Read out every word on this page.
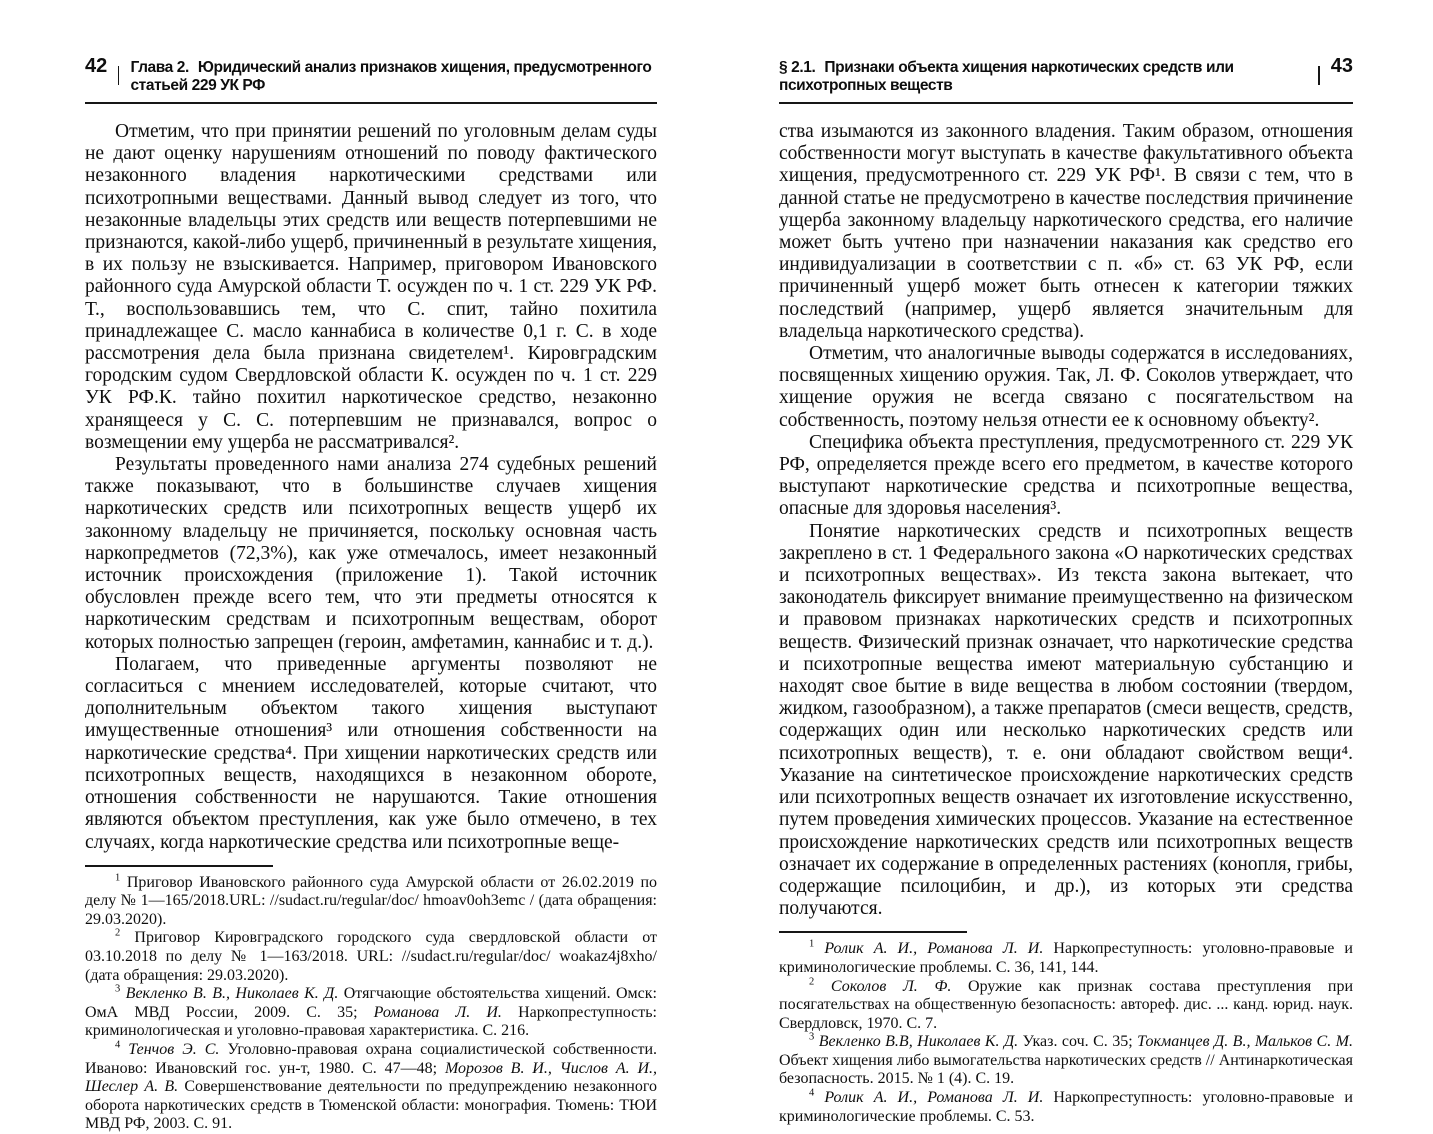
42 Глава 2. Юридический анализ признаков хищения, предусмотренного статьей 229 УК РФ

Отметим, что при принятии решений по уголовным делам суды не дают оценку нарушениям отношений по поводу фактического незаконного владения наркотическими средствами или психотропными веществами. Данный вывод следует из того, что незаконные владельцы этих средств или веществ потерпевшими не признаются, какой-либо ущерб, причиненный в результате хищения, в их пользу не взыскивается. Например, приговором Ивановского районного суда Амурской области Т. осужден по ч. 1 ст. 229 УК РФ. Т., воспользовавшись тем, что С. спит, тайно похитила принадлежащее С. масло каннабиса в количестве 0,1 г. С. в ходе рассмотрения дела была признана свидетелем¹. Кировградским городским судом Свердловской области К. осужден по ч. 1 ст. 229 УК РФ.К. тайно похитил наркотическое средство, незаконно хранящееся у С. С. потерпевшим не признавался, вопрос о возмещении ему ущерба не рассматривался².

Результаты проведенного нами анализа 274 судебных решений также показывают, что в большинстве случаев хищения наркотических средств или психотропных веществ ущерб их законному владельцу не причиняется, поскольку основная часть наркопредметов (72,3%), как уже отмечалось, имеет незаконный источник происхождения (приложение 1). Такой источник обусловлен прежде всего тем, что эти предметы относятся к наркотическим средствам и психотропным веществам, оборот которых полностью запрещен (героин, амфетамин, каннабис и т. д.).

Полагаем, что приведенные аргументы позволяют не согласиться с мнением исследователей, которые считают, что дополнительным объектом такого хищения выступают имущественные отношения³ или отношения собственности на наркотические средства⁴. При хищении наркотических средств или психотропных веществ, находящихся в незаконном обороте, отношения собственности не нарушаются. Такие отношения являются объектом преступления, как уже было отмечено, в тех случаях, когда наркотические средства или психотропные веще-

$^1$ Приговор Ивановского районного суда Амурской области от 26.02.2019 по делу № 1—165/2018.URL: //sudact.ru/regular/doc/ hmoav0oh3emc / (дата обращения: 29.03.2020).

$^2$ Приговор Кировградского городского суда свердловской области от 03.10.2018 по делу № 1—163/2018. URL: //sudact.ru/regular/doc/ woakaz4j8xho/ (дата обращения: 29.03.2020).

$^3$ Векленко В. В., Николаев К. Д. Отягчающие обстоятельства хищений. Омск: ОмА МВД России, 2009. С. 35; Романова Л. И. Наркопреступность: криминологическая и уголовно-правовая характеристика. С. 216.

$^4$ Тенчов Э. С. Уголовно-правовая охрана социалистической собственности. Иваново: Ивановский гос. ун-т, 1980. С. 47—48; Морозов В. И., Числов А. И., Шеслер А. В. Совершенствование деятельности по предупреждению незаконного оборота наркотических средств в Тюменской области: монография. Тюмень: ТЮИ МВД РФ, 2003. С. 91.

§ 2.1. Признаки объекта хищения наркотических средств или психотропных веществ
43

ства изымаются из законного владения. Таким образом, отношения собственности могут выступать в качестве факультативного объекта хищения, предусмотренного ст. 229 УК РФ¹. В связи с тем, что в данной статье не предусмотрено в качестве последствия причинение ущерба законному владельцу наркотического средства, его наличие может быть учтено при назначении наказания как средство его индивидуализации в соответствии с п. «б» ст. 63 УК РФ, если причиненный ущерб может быть отнесен к категории тяжких последствий (например, ущерб является значительным для владельца наркотического средства).

Отметим, что аналогичные выводы содержатся в исследованиях, посвященных хищению оружия. Так, Л. Ф. Соколов утверждает, что хищение оружия не всегда связано с посягательством на собственность, поэтому нельзя отнести ее к основному объекту².

Специфика объекта преступления, предусмотренного ст. 229 УК РФ, определяется прежде всего его предметом, в качестве которого выступают наркотические средства и психотропные вещества, опасные для здоровья населения³.

Понятие наркотических средств и психотропных веществ закреплено в ст. 1 Федерального закона «О наркотических средствах и психотропных веществах». Из текста закона вытекает, что законодатель фиксирует внимание преимущественно на физическом и правовом признаках наркотических средств и психотропных веществ. Физический признак означает, что наркотические средства и психотропные вещества имеют материальную субстанцию и находят свое бытие в виде вещества в любом состоянии (твердом, жидком, газообразном), а также препаратов (смеси веществ, средств, содержащих один или несколько наркотических средств или психотропных веществ), т. е. они обладают свойством вещи⁴. Указание на синтетическое происхождение наркотических средств или психотропных веществ означает их изготовление искусственно, путем проведения химических процессов. Указание на естественное происхождение наркотических средств или психотропных веществ означает их содержание в определенных растениях (конопля, грибы, содержащие псилоцибин, и др.), из которых эти средства получаются.

$^1$ Ролик А. И., Романова Л. И. Наркопреступность: уголовно-правовые и криминологические проблемы. С. 36, 141, 144.

$^2$ Соколов Л. Ф. Оружие как признак состава преступления при посягательствах на общественную безопасность: автореф. дис. ... канд. юрид. наук. Свердловск, 1970. С. 7.

$^3$ Векленко В.В, Николаев К. Д. Указ. соч. С. 35; Токманцев Д. В., Мальков С. М. Объект хищения либо вымогательства наркотических средств // Антинаркотическая безопасность. 2015. № 1 (4). С. 19.

$^4$ Ролик А. И., Романова Л. И. Наркопреступность: уголовно-правовые и криминологические проблемы. С. 53.
